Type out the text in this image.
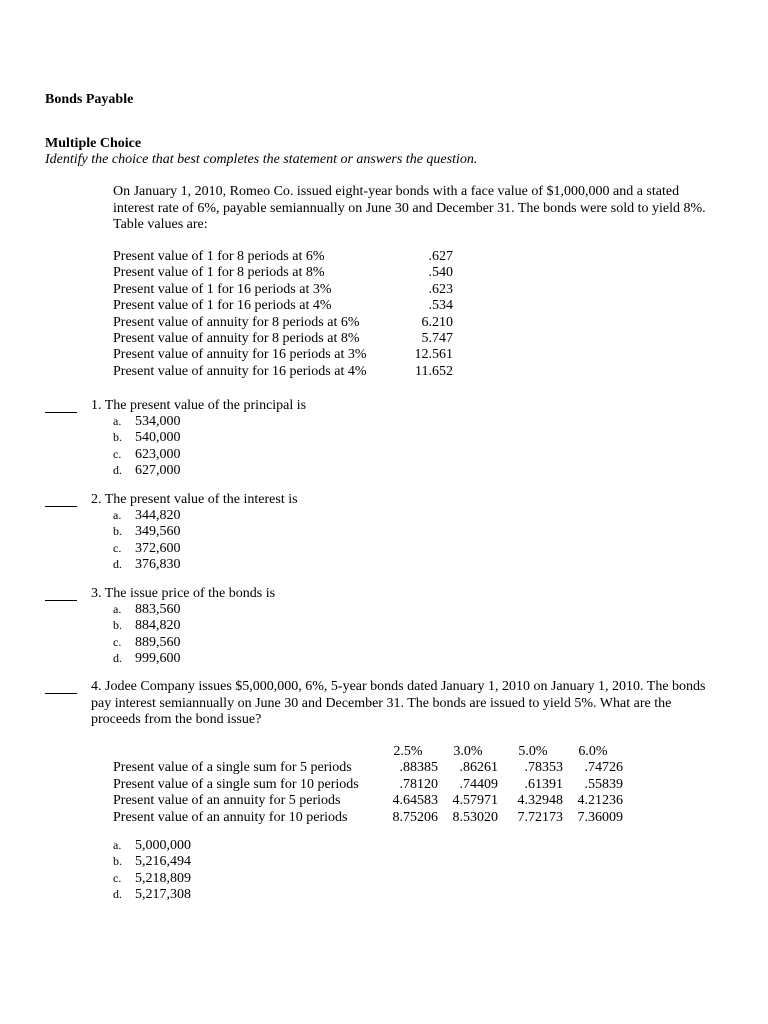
Bonds Payable
Multiple Choice
Identify the choice that best completes the statement or answers the question.
On January 1, 2010, Romeo Co. issued eight-year bonds with a face value of $1,000,000 and a stated interest rate of 6%, payable semiannually on June 30 and December 31. The bonds were sold to yield 8%. Table values are:
Present value of 1 for 8 periods at 6%	.627
Present value of 1 for 8 periods at 8%	.540
Present value of 1 for 16 periods at 3%	.623
Present value of 1 for 16 periods at 4%	.534
Present value of annuity for 8 periods at 6%	6.210
Present value of annuity for 8 periods at 8%	5.747
Present value of annuity for 16 periods at 3%	12.561
Present value of annuity for 16 periods at 4%	11.652
1. The present value of the principal is
a. 534,000
b. 540,000
c. 623,000
d. 627,000
2. The present value of the interest is
a. 344,820
b. 349,560
c. 372,600
d. 376,830
3. The issue price of the bonds is
a. 883,560
b. 884,820
c. 889,560
d. 999,600
4. Jodee Company issues $5,000,000, 6%, 5-year bonds dated January 1, 2010 on January 1, 2010. The bonds pay interest semiannually on June 30 and December 31. The bonds are issued to yield 5%. What are the proceeds from the bond issue?
a. 5,000,000
b. 5,216,494
c. 5,218,809
d. 5,217,308
2.5%	3.0%	5.0%	6.0%
Present value of a single sum for 5 periods	.88385	.86261	.78353	.74726
Present value of a single sum for 10 periods	.78120	.74409	.61391	.55839
Present value of an annuity for 5 periods	4.64583	4.57971	4.32948	4.21236
Present value of an annuity for 10 periods	8.75206	8.53020	7.72173	7.36009
